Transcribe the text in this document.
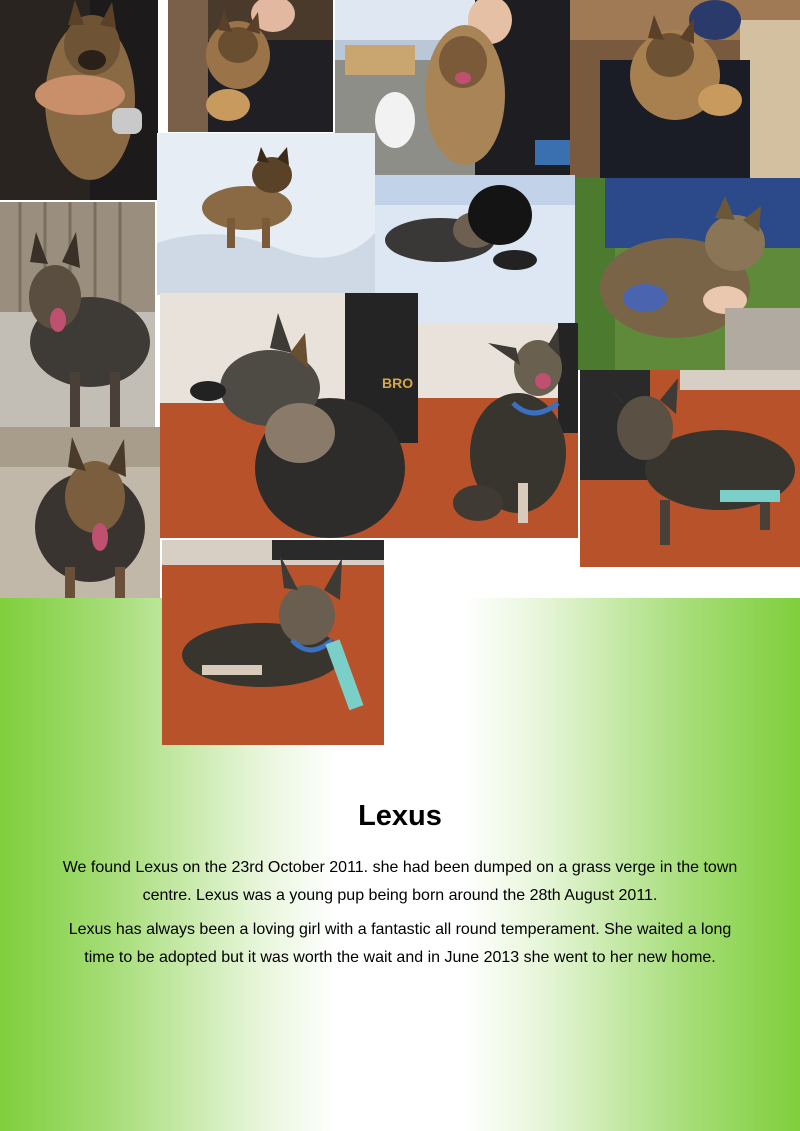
BRO
Lexus

We found Lexus on the 23rd October 2011. she had been dumped on a grass verge in the town centre. Lexus was a young pup being born around the 28th August 2011.

Lexus has always been a loving girl with a fantastic all round temperament. She waited a long time to be adopted but it was worth the wait and in June 2013 she went to her new home.
